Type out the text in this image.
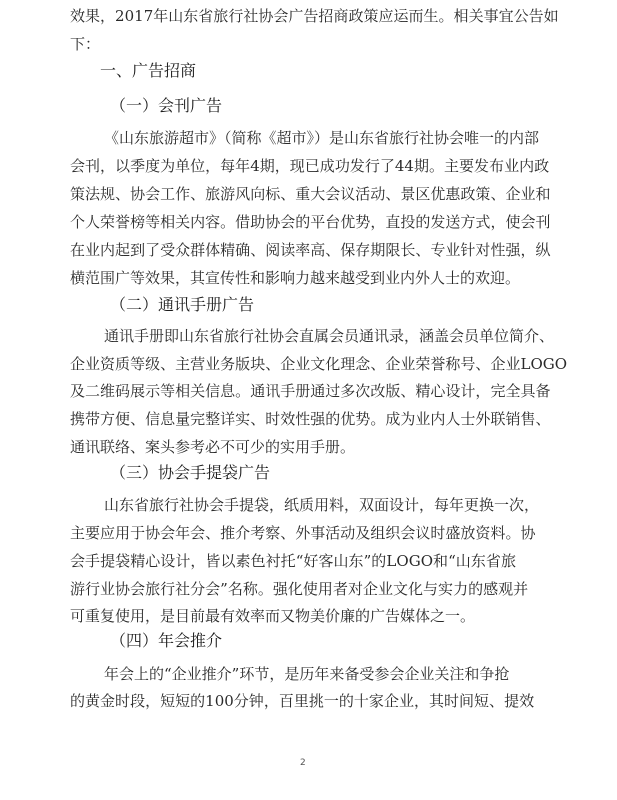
效 果 ， 2 0 1 7 年 山 东 省 旅 行 社 协 会 广 告 招 商 政 策 应 运 而 生 。 相 关 事 宜 公 告 如
下：
一、广告招商
（一）会刊广告
《山东旅游超市》（简称《超市》）是山东省旅行社协会唯一的内部
会 刊 ， 以 季 度 为 单 位 ， 每 年 4 期 ， 现 已 成 功 发 行 了 4 4 期 。 主 要 发 布 业 内 政
策 法 规 、 协 会 工 作 、 旅 游 风 向 标 、 重 大 会 议 活 动 、 景 区 优 惠 政 策 、 企 业 和
个 人 荣 誉 榜 等 相 关 内 容 。 借 助 协 会 的 平 台 优 势 ， 直 投 的 发 送 方 式 ， 使 会 刊
在 业 内 起 到 了 受 众 群 体 精 确 、 阅 读 率 高 、 保 存 期 限 长 、 专 业 针 对 性 强 ， 纵
横范围广等效果，其宣传性和影响力越来越受到业内外人士的欢迎。
（二）通讯手册广告
通讯手册即山东省旅行社协会直属会员通讯录，涵盖会员单位简介、
企 业 资 质 等 级 、 主 营 业 务 版 块 、 企 业 文 化 理 念 、 企 业 荣 誉 称 号 、 企 业 L O G O
及 二 维 码 展 示 等 相 关 信 息 。 通 讯 手 册 通 过 多 次 改 版 、 精 心 设 计 ， 完 全 具 备
携 带 方 便 、 信 息 量 完 整 详 实 、 时 效 性 强 的 优 势 。 成 为 业 内 人 士 外 联 销 售 、
通讯联络、案头参考必不可少的实用手册。
（三）协会手提袋广告
山东省旅行社协会手提袋，纸质用料，双面设计，每年更换一次，
主 要 应 用 于 协 会 年 会 、 推 介 考 察 、 外 事 活 动 及 组 织 会 议 时 盛 放 资 料 。 协
会 手 提 袋 精 心 设 计 ， 皆 以 素 色 衬 托 “ 好 客 山 东 ” 的 L O G O 和 “ 山 东 省 旅
游 行 业 协 会 旅 行 社 分 会 ” 名 称 。 强 化 使 用 者 对 企 业 文 化 与 实 力 的 感 观 并
可重复使用，是目前最有效率而又物美价廉的广告媒体之一。
（四）年会推介
年会上的“企业推介”环节，是历年来备受参会企业关注和争抢
的 黄 金 时 段 ， 短 短 的 1 0 0 分 钟 ， 百 里 挑 一 的 十 家 企 业 ， 其 时 间 短 、 提 效
2
